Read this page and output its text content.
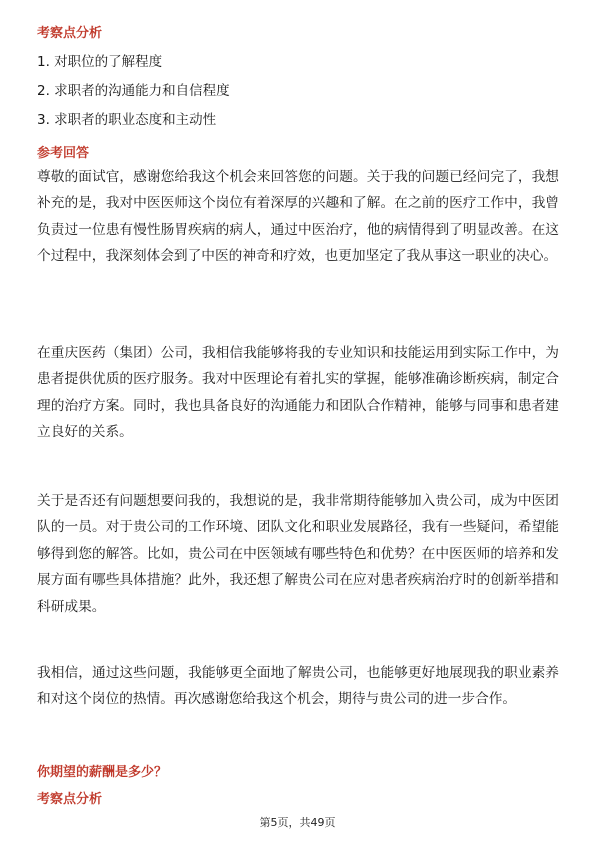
考察点分析
1. 对职位的了解程度
2. 求职者的沟通能力和自信程度
3. 求职者的职业态度和主动性
参考回答

尊敬的面试官，感谢您给我这个机会来回答您的问题。关于我的问题已经问完了，我想补充的是，我对中医医师这个岗位有着深厚的兴趣和了解。在之前的医疗工作中，我曾负责过一位患有慢性肠胃疾病的病人，通过中医治疗，他的病情得到了明显改善。在这个过程中，我深刻体会到了中医的神奇和疗效，也更加坚定了我从事这一职业的决心。

在重庆医药（集团）公司，我相信我能够将我的专业知识和技能运用到实际工作中，为患者提供优质的医疗服务。我对中医理论有着扎实的掌握，能够准确诊断疾病，制定合理的治疗方案。同时，我也具备良好的沟通能力和团队合作精神，能够与同事和患者建立良好的关系。

关于是否还有问题想要问我的，我想说的是，我非常期待能够加入贵公司，成为中医团队的一员。对于贵公司的工作环境、团队文化和职业发展路径，我有一些疑问，希望能够得到您的解答。比如，贵公司在中医领域有哪些特色和优势？在中医医师的培养和发展方面有哪些具体措施？此外，我还想了解贵公司在应对患者疾病治疗时的创新举措和科研成果。

我相信，通过这些问题，我能够更全面地了解贵公司，也能够更好地展现我的职业素养和对这个岗位的热情。再次感谢您给我这个机会，期待与贵公司的进一步合作。

你期望的薪酬是多少？
考察点分析
第5页，共49页
